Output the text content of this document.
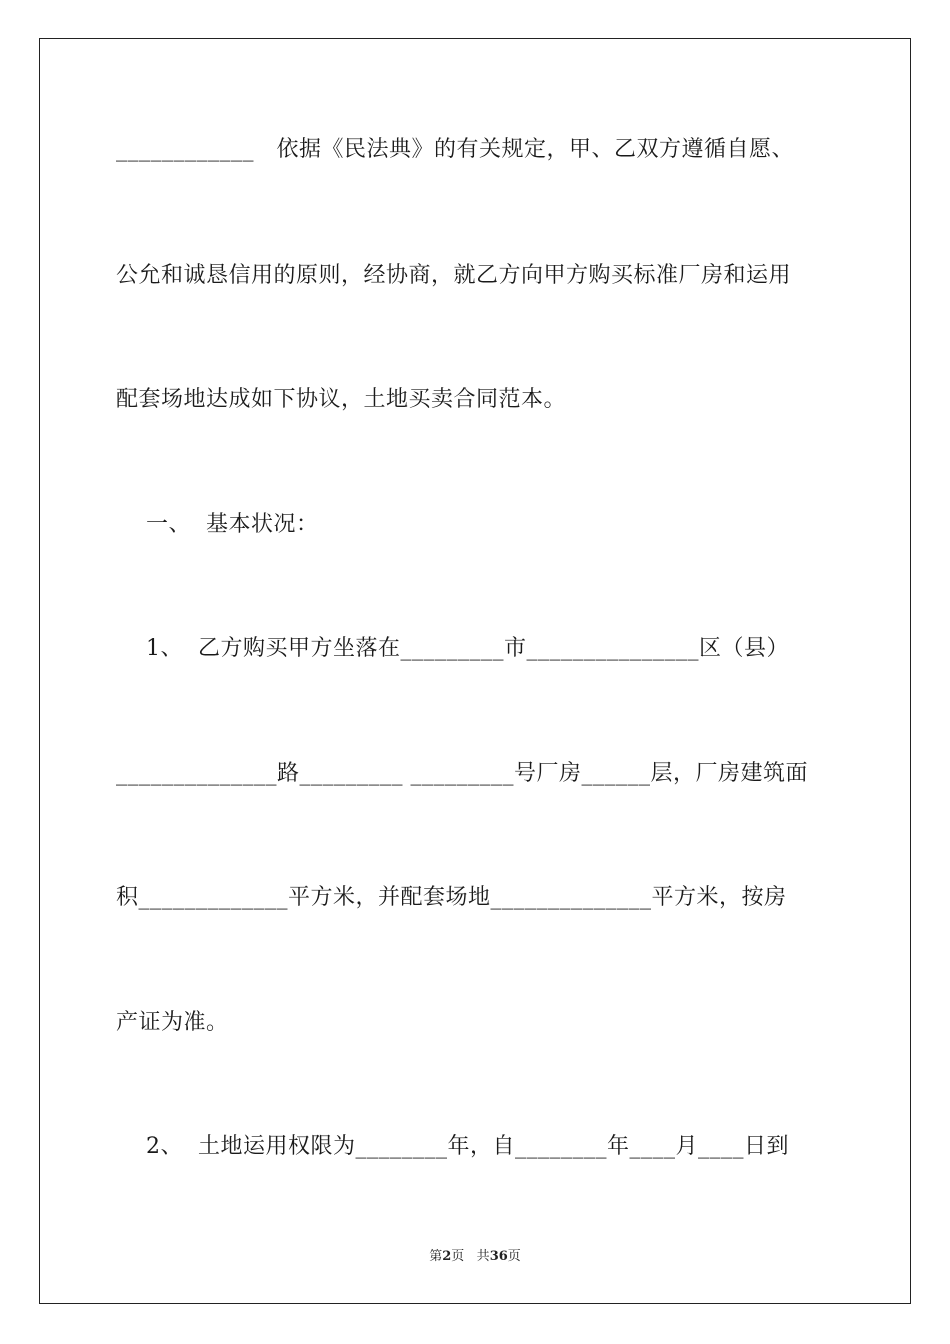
____________   依据《民法典》的有关规定，甲、乙双方遵循自愿、
公允和诚恳信用的原则，经协商，就乙方向甲方购买标准厂房和运用
配套场地达成如下协议，土地买卖合同范本。
一、  基本状况：
1、  乙方购买甲方坐落在_________市_______________区（县）
______________路_________ _________号厂房______层，厂房建筑面
积_____________平方米，并配套场地______________平方米，按房
产证为准。
2、  土地运用权限为________年，自________年____月____日到
第2页 共36页
